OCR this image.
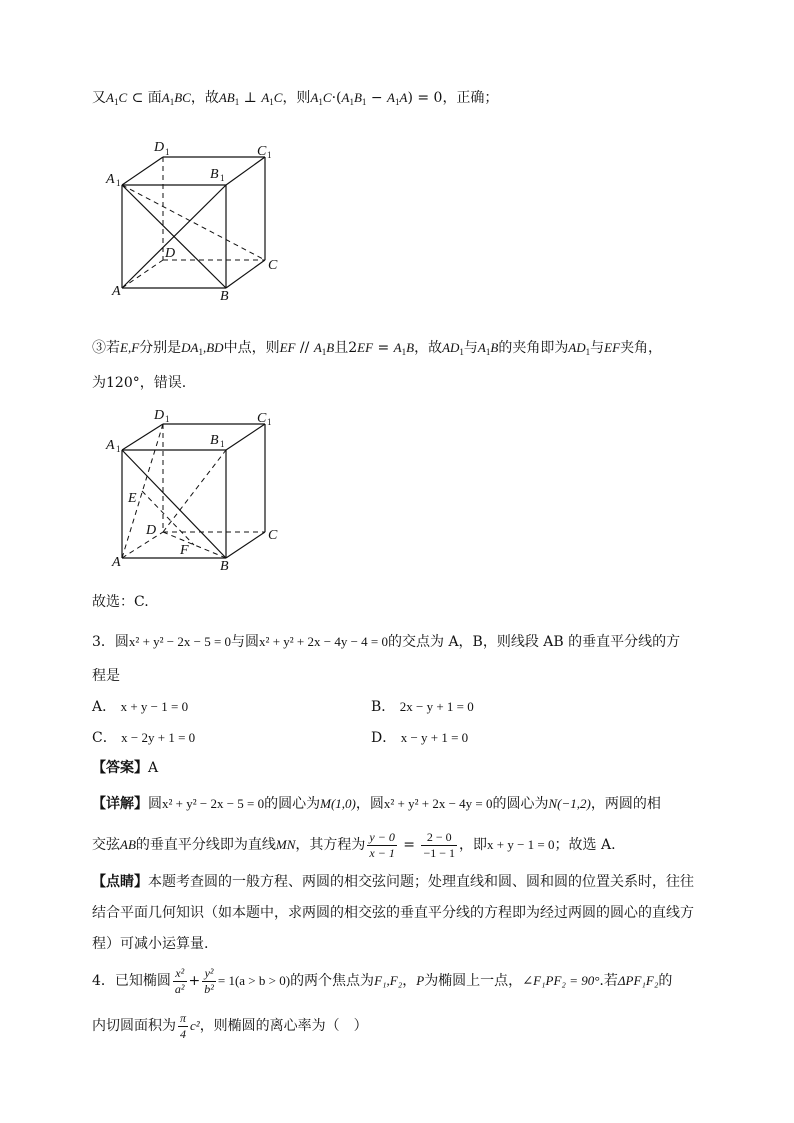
又$A_1C$ ⊂ 面$A_1BC$，故$AB_1$ ⊥ $A_1C$，则$A_1C\cdot(A_1B_1 - A_1A) = 0$，正确；
D 1	C 1
A 1
B 1
D
C
A	B
③若E,F分别是$DA_1,BD$中点，则EF // $A_1B$且$2EF = A_1B$，故$AD_1$与$A_1B$的夹角即为$AD_1$与EF夹角，
为120°，错误.
D 1	C 1
A 1
B 1
E
D
F
C
A	B
故选：C.
3．圆x² + y² − 2x − 5 = 0与圆x² + y² + 2x − 4y − 4 = 0的交点为 A，B，则线段 AB 的垂直平分线的方
程是
A． x + y − 1 = 0	B． 2x − y + 1 = 0
C． x − 2y + 1 = 0	D． x − y + 1 = 0
【答案】A
【详解】圆x² + y² − 2x − 5 = 0的圆心为M(1,0)，圆x² + y² + 2x − 4y = 0的圆心为N(−1,2)，两圆的相
交弦AB的垂直平分线即为直线MN，其方程为 $\frac{y - 0}{x - 1} = \frac{2 - 0}{-1 - 1}$ ，即x + y − 1 = 0；故选 A.
【点睛】本题考查圆的一般方程、两圆的相交弦问题；处理直线和圆、圆和圆的位置关系时，往往
结合平面几何知识（如本题中，求两圆的相交弦的垂直平分线的方程即为经过两圆的圆心的直线方
程）可减小运算量.
4．已知椭圆 $\frac{\text{x²}}{\text{a²}} + \frac{\text{y²}}{\text{b²}} = 1(a > b > 0)$的两个焦点为F₁,F₂，P为椭圆上一点，∠F₁PF₂ = 90°.若ΔPF₁F₂的
内切圆面积为 $\frac{\pi}{4} c^2$，则椭圆的离心率为（　）
